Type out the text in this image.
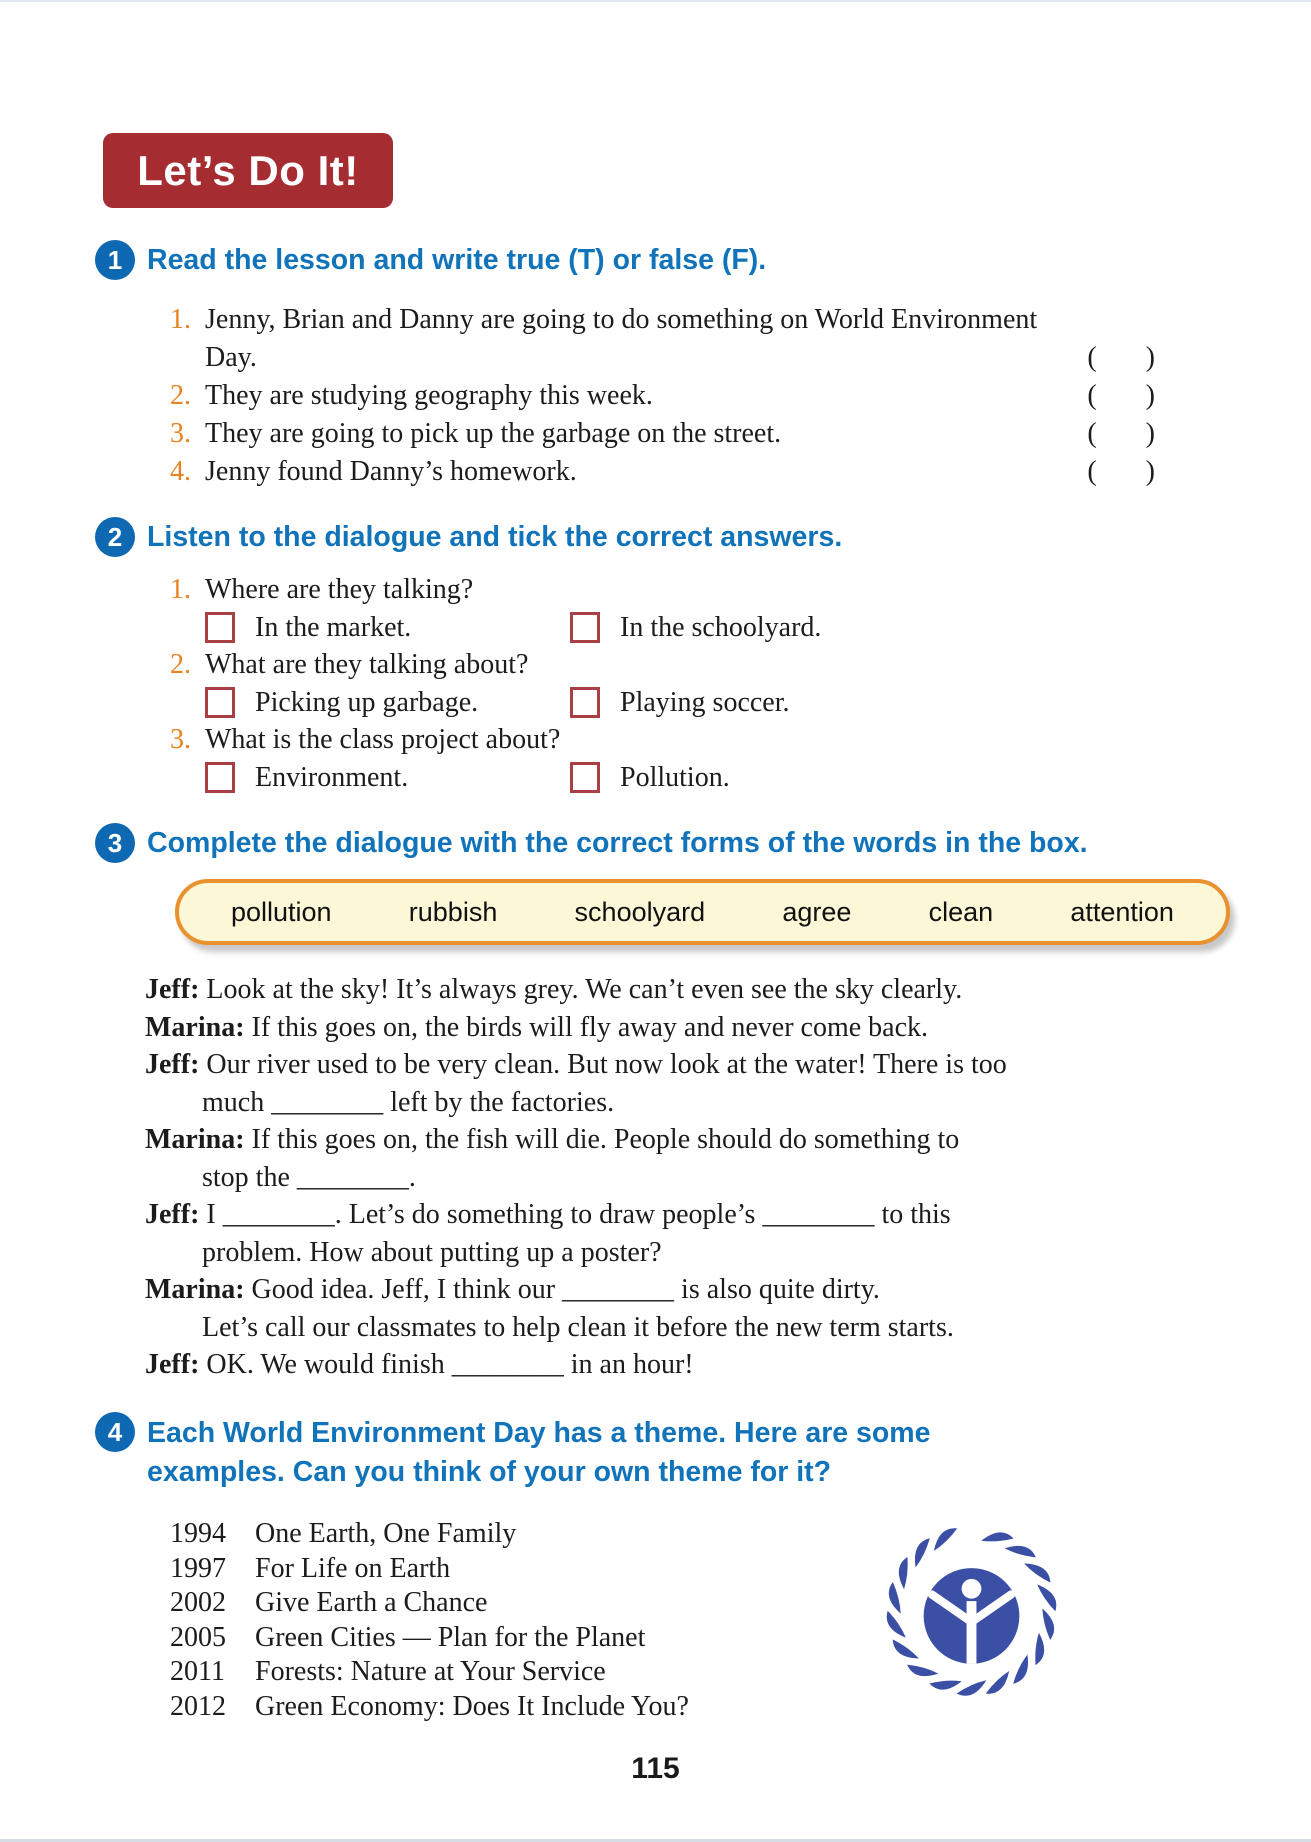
Let’s Do It!
1 Read the lesson and write true (T) or false (F).
1. Jenny, Brian and Danny are going to do something on World Environment
Day.	(       )
2. They are studying geography this week.	(       )
3. They are going to pick up the garbage on the street.	(       )
4. Jenny found Danny’s homework.	(       )
2 Listen to the dialogue and tick the correct answers.
1. Where are they talking?
In the market.	In the schoolyard.
2. What are they talking about?
Picking up garbage.	Playing soccer.
3. What is the class project about?
Environment.	Pollution.
3 Complete the dialogue with the correct forms of the words in the box.
pollution	rubbish	schoolyard	agree	clean	attention

Jeff: Look at the sky! It’s always grey. We can’t even see the sky clearly.

Marina: If this goes on, the birds will fly away and never come back.

Jeff: Our river used to be very clean. But now look at the water! There is too

much ________ left by the factories.

Marina: If this goes on, the fish will die. People should do something to

stop the ________.

Jeff: I ________. Let’s do something to draw people’s ________ to this

problem. How about putting up a poster?

Marina: Good idea. Jeff, I think our ________ is also quite dirty.

Let’s call our classmates to help clean it before the new term starts.

Jeff: OK. We would finish ________ in an hour!

4 Each World Environment Day has a theme. Here are some
examples. Can you think of your own theme for it?
1994 One Earth, One Family
1997 For Life on Earth
2002 Give Earth a Chance
2005 Green Cities — Plan for the Planet
2011 Forests: Nature at Your Service
2012 Green Economy: Does It Include You?
115
